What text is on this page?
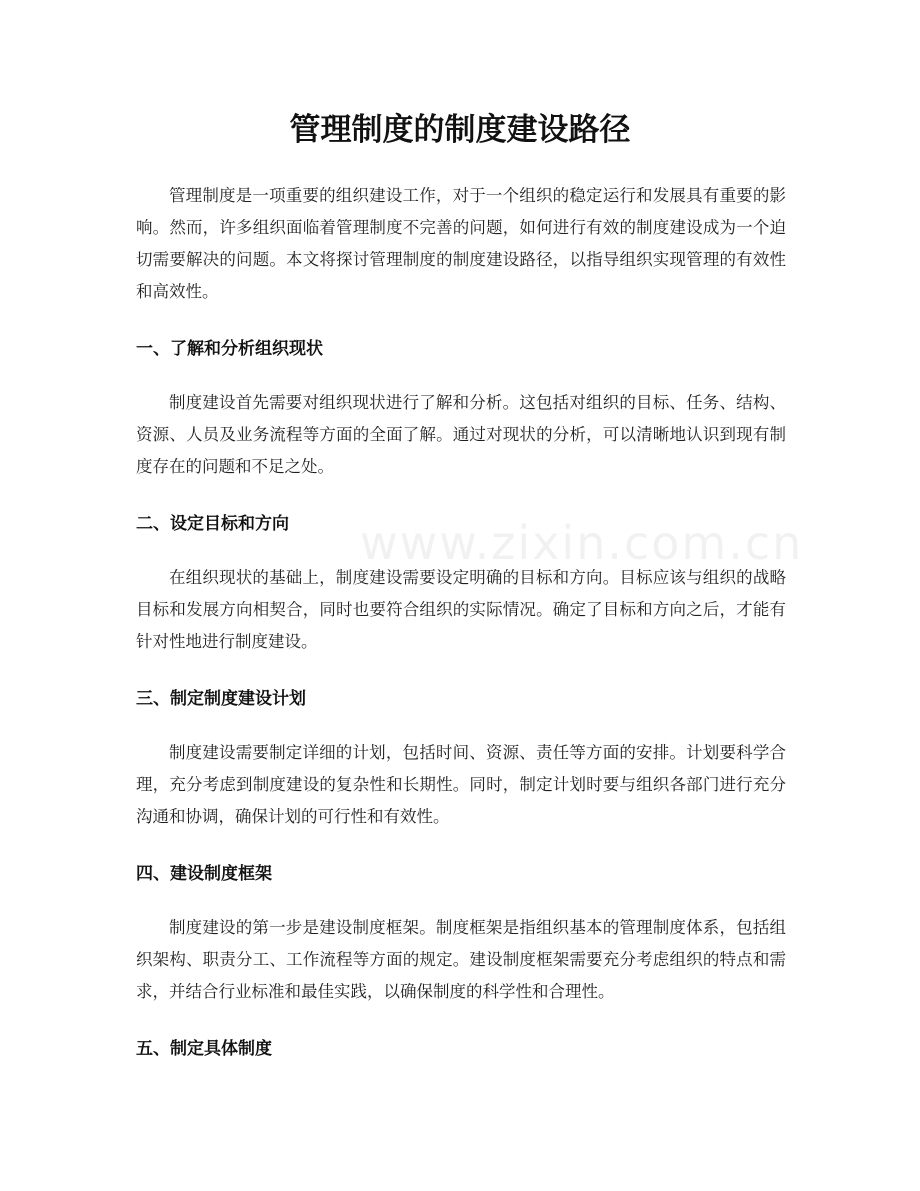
www.zixin.com.cn
管理制度的制度建设路径

管理制度是一项重要的组织建设工作，对于一个组织的稳定运行和发展具有重要的影响。然而，许多组织面临着管理制度不完善的问题，如何进行有效的制度建设成为一个迫切需要解决的问题。本文将探讨管理制度的制度建设路径，以指导组织实现管理的有效性和高效性。

一、了解和分析组织现状

制度建设首先需要对组织现状进行了解和分析。这包括对组织的目标、任务、结构、资源、人员及业务流程等方面的全面了解。通过对现状的分析，可以清晰地认识到现有制度存在的问题和不足之处。

二、设定目标和方向

在组织现状的基础上，制度建设需要设定明确的目标和方向。目标应该与组织的战略目标和发展方向相契合，同时也要符合组织的实际情况。确定了目标和方向之后，才能有针对性地进行制度建设。

三、制定制度建设计划

制度建设需要制定详细的计划，包括时间、资源、责任等方面的安排。计划要科学合理，充分考虑到制度建设的复杂性和长期性。同时，制定计划时要与组织各部门进行充分沟通和协调，确保计划的可行性和有效性。

四、建设制度框架

制度建设的第一步是建设制度框架。制度框架是指组织基本的管理制度体系，包括组织架构、职责分工、工作流程等方面的规定。建设制度框架需要充分考虑组织的特点和需求，并结合行业标准和最佳实践，以确保制度的科学性和合理性。

五、制定具体制度
